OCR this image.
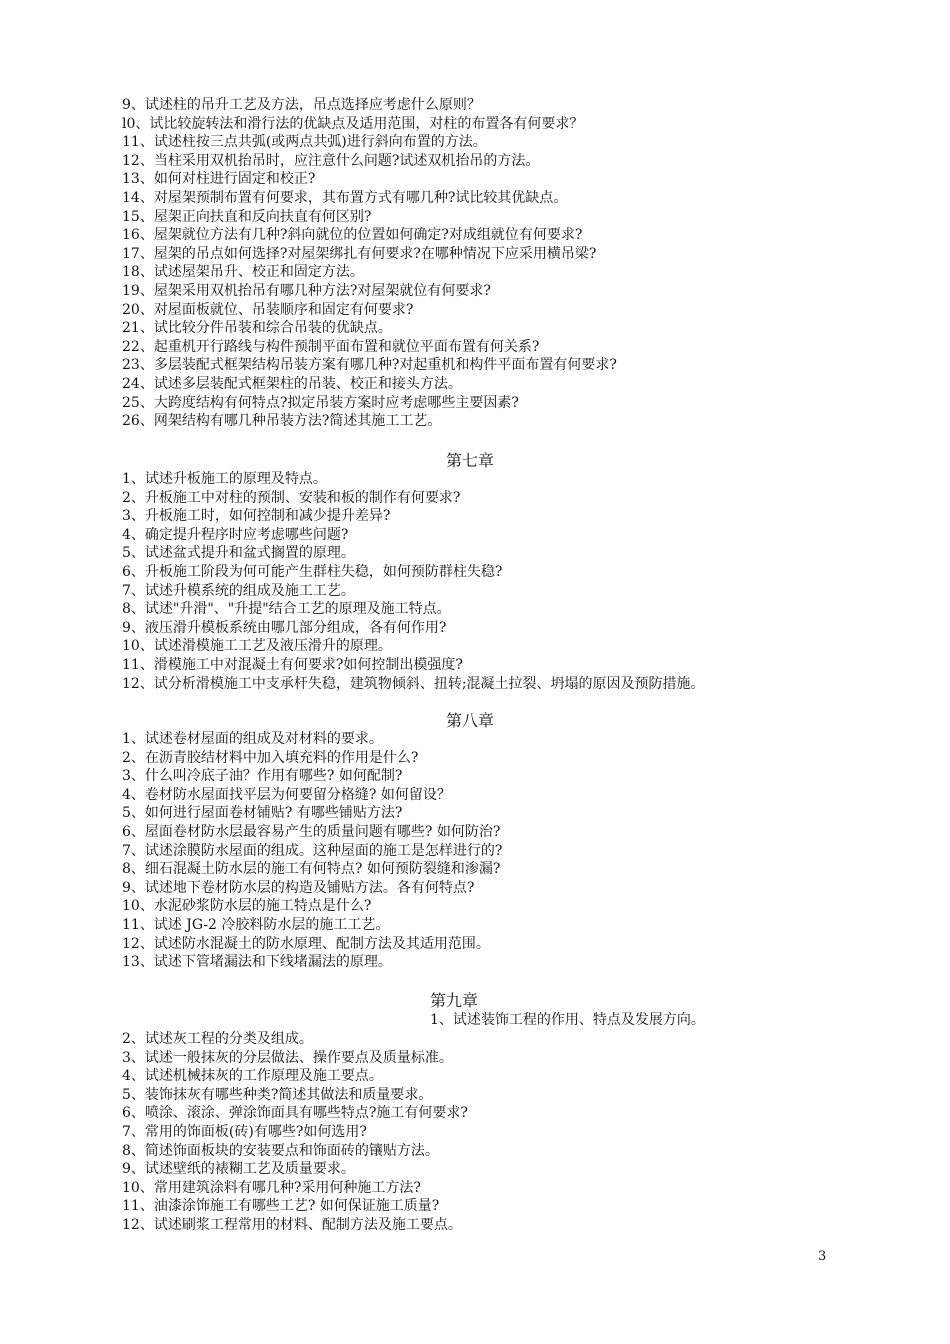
9、试述柱的吊升工艺及方法，吊点选择应考虑什么原则？
l0、试比较旋转法和滑行法的优缺点及适用范围，对柱的布置各有何要求？
11、试述柱按三点共弧(或两点共弧)进行斜向布置的方法。
12、当柱采用双机抬吊时，应注意什么问题?试述双机抬吊的方法。
13、如何对柱进行固定和校正?
14、对屋架预制布置有何要求，其布置方式有哪几种?试比较其优缺点。
15、屋架正向扶直和反向扶直有何区别?
16、屋架就位方法有几种?斜向就位的位置如何确定?对成组就位有何要求?
17、屋架的吊点如何选择?对屋架绑扎有何要求?在哪种情况下应采用横吊梁?
18、试述屋架吊升、校正和固定方法。
19、屋架采用双机抬吊有哪几种方法?对屋架就位有何要求?
20、对屋面板就位、吊装顺序和固定有何要求?
21、试比较分件吊装和综合吊装的优缺点。
22、起重机开行路线与构件预制平面布置和就位平面布置有何关系?
23、多层装配式框架结构吊装方案有哪几种?对起重机和构件平面布置有何要求?
24、试述多层装配式框架柱的吊装、校正和接头方法。
25、大跨度结构有何特点?拟定吊装方案时应考虑哪些主要因素?
26、网架结构有哪几种吊装方法?简述其施工工艺。
第七章
1、试述升板施工的原理及特点。
2、升板施工中对柱的预制、安装和板的制作有何要求?
3、升板施工时，如何控制和减少提升差异?
4、确定提升程序时应考虑哪些问题?
5、试述盆式提升和盆式搁置的原理。
6、升板施工阶段为何可能产生群柱失稳，如何预防群柱失稳?
7、试述升模系统的组成及施工工艺。
8、试述"升滑"、"升提"结合工艺的原理及施工特点。
9、液压滑升模板系统由哪几部分组成，各有何作用?
10、试述滑模施工工艺及液压滑升的原理。
11、滑模施工中对混凝土有何要求?如何控制出模强度?
12、试分析滑模施工中支承杆失稳，建筑物倾斜、扭转;混凝土拉裂、坍塌的原因及预防措施。
第八章
1、试述卷材屋面的组成及对材料的要求。
2、在沥青胶结材料中加入填充料的作用是什么?
3、什么叫冷底子油？作用有哪些? 如何配制?
4、卷材防水屋面找平层为何要留分格缝? 如何留设？
5、如何进行屋面卷材铺贴? 有哪些铺贴方法?
6、屋面卷材防水层最容易产生的质量问题有哪些? 如何防治?
7、试述涂膜防水屋面的组成。这种屋面的施工是怎样进行的?
8、细石混凝土防水层的施工有何特点? 如何预防裂缝和渗漏?
9、试述地下卷材防水层的构造及铺贴方法。各有何特点?
10、水泥砂浆防水层的施工特点是什么?
11、试述 JG-2 冷胶料防水层的施工工艺。
12、试述防水混凝土的防水原理、配制方法及其适用范围。
13、试述下管堵漏法和下线堵漏法的原理。
第九章
1、试述装饰工程的作用、特点及发展方向。
2、试述灰工程的分类及组成。
3、试述一般抹灰的分层做法、操作要点及质量标准。
4、试述机械抹灰的工作原理及施工要点。
5、装饰抹灰有哪些种类?简述其做法和质量要求。
6、喷涂、滚涂、弹涂饰面具有哪些特点?施工有何要求?
7、常用的饰面板(砖)有哪些?如何选用?
8、简述饰面板块的安装要点和饰面砖的镶贴方法。
9、试述壁纸的裱糊工艺及质量要求。
10、常用建筑涂料有哪几种?采用何种施工方法?
11、油漆涂饰施工有哪些工艺? 如何保证施工质量?
12、试述刷浆工程常用的材料、配制方法及施工要点。
3
